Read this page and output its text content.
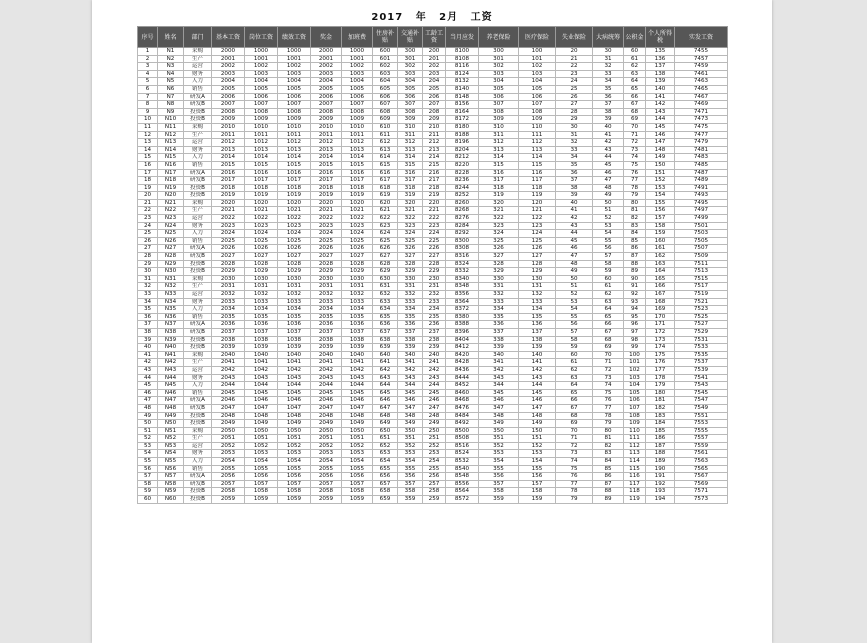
2017 年 2月 工资
序号	姓名	部门	基本工资	岗位工资	绩效工资	奖金	加班费	住房补贴	交通补贴	工龄工资	当月应发	养老保险	医疗保险	失业保险	大病统筹	公积金	个人所得税	实发工资
1	N1	采购	2000	1000	1000	2000	1000	600	300	200	8100	300	100	20	30	60	135	7455
2	N2	生产	2001	1001	1001	2001	1001	601	301	201	8108	301	101	21	31	61	136	7457
3	N3	运营	2002	1002	1002	2002	1002	602	302	202	8116	302	102	22	32	62	137	7459
4	N4	财务	2003	1003	1003	2003	1003	603	303	203	8124	303	103	23	33	63	138	7461
5	N5	人力	2004	1004	1004	2004	1004	604	304	204	8132	304	104	24	34	64	139	7463
6	N6	销售	2005	1005	1005	2005	1005	605	305	205	8140	305	105	25	35	65	140	7465
7	N7	研发A	2006	1006	1006	2006	1006	606	306	206	8148	306	106	26	36	66	141	7467
8	N8	研发B	2007	1007	1007	2007	1007	607	307	207	8156	307	107	27	37	67	142	7469
9	N9	投资B	2008	1008	1008	2008	1008	608	308	208	8164	308	108	28	38	68	143	7471
10	N10	投资B	2009	1009	1009	2009	1009	609	309	209	8172	309	109	29	39	69	144	7473
11	N11	采购	2010	1010	1010	2010	1010	610	310	210	8180	310	110	30	40	70	145	7475
12	N12	生产	2011	1011	1011	2011	1011	611	311	211	8188	311	111	31	41	71	146	7477
13	N13	运营	2012	1012	1012	2012	1012	612	312	212	8196	312	112	32	42	72	147	7479
14	N14	财务	2013	1013	1013	2013	1013	613	313	213	8204	313	113	33	43	73	148	7481
15	N15	人力	2014	1014	1014	2014	1014	614	314	214	8212	314	114	34	44	74	149	7483
16	N16	销售	2015	1015	1015	2015	1015	615	315	215	8220	315	115	35	45	75	150	7485
17	N17	研发A	2016	1016	1016	2016	1016	616	316	216	8228	316	116	36	46	76	151	7487
18	N18	研发B	2017	1017	1017	2017	1017	617	317	217	8236	317	117	37	47	77	152	7489
19	N19	投资B	2018	1018	1018	2018	1018	618	318	218	8244	318	118	38	48	78	153	7491
20	N20	投资B	2019	1019	1019	2019	1019	619	319	219	8252	319	119	39	49	79	154	7493
21	N21	采购	2020	1020	1020	2020	1020	620	320	220	8260	320	120	40	50	80	155	7495
22	N22	生产	2021	1021	1021	2021	1021	621	321	221	8268	321	121	41	51	81	156	7497
23	N23	运营	2022	1022	1022	2022	1022	622	322	222	8276	322	122	42	52	82	157	7499
24	N24	财务	2023	1023	1023	2023	1023	623	323	223	8284	323	123	43	53	83	158	7501
25	N25	人力	2024	1024	1024	2024	1024	624	324	224	8292	324	124	44	54	84	159	7503
26	N26	销售	2025	1025	1025	2025	1025	625	325	225	8300	325	125	45	55	85	160	7505
27	N27	研发A	2026	1026	1026	2026	1026	626	326	226	8308	326	126	46	56	86	161	7507
28	N28	研发B	2027	1027	1027	2027	1027	627	327	227	8316	327	127	47	57	87	162	7509
29	N29	投资B	2028	1028	1028	2028	1028	628	328	228	8324	328	128	48	58	88	163	7511
30	N30	投资B	2029	1029	1029	2029	1029	629	329	229	8332	329	129	49	59	89	164	7513
31	N31	采购	2030	1030	1030	2030	1030	630	330	230	8340	330	130	50	60	90	165	7515
32	N32	生产	2031	1031	1031	2031	1031	631	331	231	8348	331	131	51	61	91	166	7517
33	N33	运营	2032	1032	1032	2032	1032	632	332	232	8356	332	132	52	62	92	167	7519
34	N34	财务	2033	1033	1033	2033	1033	633	333	233	8364	333	133	53	63	93	168	7521
35	N35	人力	2034	1034	1034	2034	1034	634	334	234	8372	334	134	54	64	94	169	7523
36	N36	销售	2035	1035	1035	2035	1035	635	335	235	8380	335	135	55	65	95	170	7525
37	N37	研发A	2036	1036	1036	2036	1036	636	336	236	8388	336	136	56	66	96	171	7527
38	N38	研发B	2037	1037	1037	2037	1037	637	337	237	8396	337	137	57	67	97	172	7529
39	N39	投资B	2038	1038	1038	2038	1038	638	338	238	8404	338	138	58	68	98	173	7531
40	N40	投资B	2039	1039	1039	2039	1039	639	339	239	8412	339	139	59	69	99	174	7533
41	N41	采购	2040	1040	1040	2040	1040	640	340	240	8420	340	140	60	70	100	175	7535
42	N42	生产	2041	1041	1041	2041	1041	641	341	241	8428	341	141	61	71	101	176	7537
43	N43	运营	2042	1042	1042	2042	1042	642	342	242	8436	342	142	62	72	102	177	7539
44	N44	财务	2043	1043	1043	2043	1043	643	343	243	8444	343	143	63	73	103	178	7541
45	N45	人力	2044	1044	1044	2044	1044	644	344	244	8452	344	144	64	74	104	179	7543
46	N46	销售	2045	1045	1045	2045	1045	645	345	245	8460	345	145	65	75	105	180	7545
47	N47	研发A	2046	1046	1046	2046	1046	646	346	246	8468	346	146	66	76	106	181	7547
48	N48	研发B	2047	1047	1047	2047	1047	647	347	247	8476	347	147	67	77	107	182	7549
49	N49	投资B	2048	1048	1048	2048	1048	648	348	248	8484	348	148	68	78	108	183	7551
50	N50	投资B	2049	1049	1049	2049	1049	649	349	249	8492	349	149	69	79	109	184	7553
51	N51	采购	2050	1050	1050	2050	1050	650	350	250	8500	350	150	70	80	110	185	7555
52	N52	生产	2051	1051	1051	2051	1051	651	351	251	8508	351	151	71	81	111	186	7557
53	N53	运营	2052	1052	1052	2052	1052	652	352	252	8516	352	152	72	82	112	187	7559
54	N54	财务	2053	1053	1053	2053	1053	653	353	253	8524	353	153	73	83	113	188	7561
55	N55	人力	2054	1054	1054	2054	1054	654	354	254	8532	354	154	74	84	114	189	7563
56	N56	销售	2055	1055	1055	2055	1055	655	355	255	8540	355	155	75	85	115	190	7565
57	N57	研发A	2056	1056	1056	2056	1056	656	356	256	8548	356	156	76	86	116	191	7567
58	N58	研发B	2057	1057	1057	2057	1057	657	357	257	8556	357	157	77	87	117	192	7569
59	N59	投资B	2058	1058	1058	2058	1058	658	358	258	8564	358	158	78	88	118	193	7571
60	N60	投资B	2059	1059	1059	2059	1059	659	359	259	8572	359	159	79	89	119	194	7573
